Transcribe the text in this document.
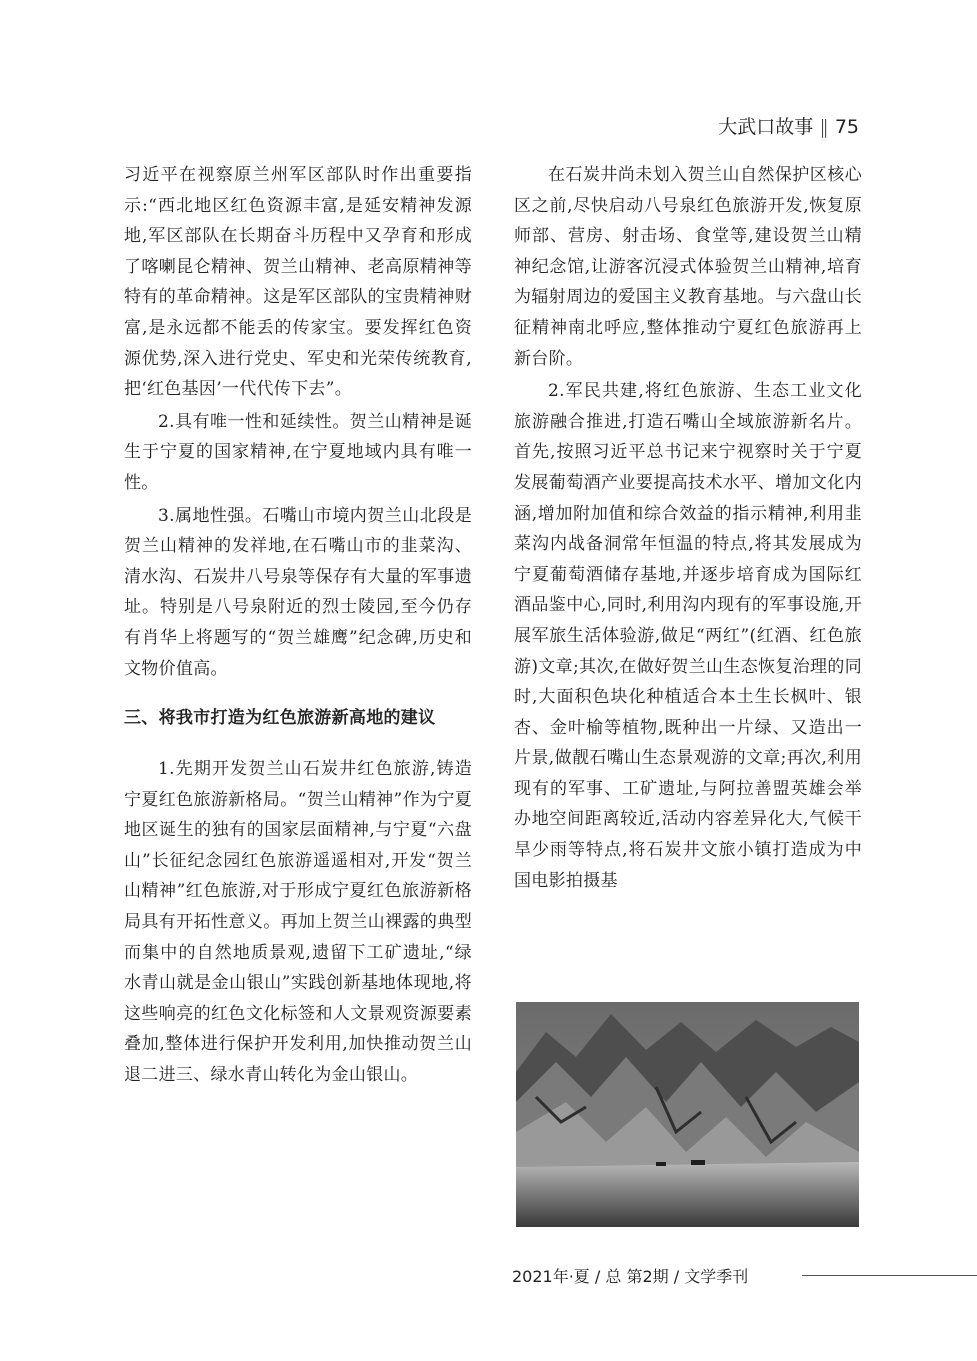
大武口故事 ‖ 75

习近平在视察原兰州军区部队时作出重要指示:“西北地区红色资源丰富,是延安精神发源地,军区部队在长期奋斗历程中又孕育和形成了喀喇昆仑精神、贺兰山精神、老高原精神等特有的革命精神。这是军区部队的宝贵精神财富,是永远都不能丢的传家宝。要发挥红色资源优势,深入进行党史、军史和光荣传统教育,把‘红色基因’一代代传下去”。

2.具有唯一性和延续性。贺兰山精神是诞生于宁夏的国家精神,在宁夏地域内具有唯一性。

3.属地性强。石嘴山市境内贺兰山北段是贺兰山精神的发祥地,在石嘴山市的韭菜沟、清水沟、石炭井八号泉等保存有大量的军事遗址。特别是八号泉附近的烈士陵园,至今仍存有肖华上将题写的“贺兰雄鹰”纪念碑,历史和文物价值高。

三、将我市打造为红色旅游新高地的建议

1.先期开发贺兰山石炭井红色旅游,铸造宁夏红色旅游新格局。“贺兰山精神”作为宁夏地区诞生的独有的国家层面精神,与宁夏“六盘山”长征纪念园红色旅游遥遥相对,开发“贺兰山精神”红色旅游,对于形成宁夏红色旅游新格局具有开拓性意义。再加上贺兰山裸露的典型而集中的自然地质景观,遗留下工矿遗址,“绿水青山就是金山银山”实践创新基地体现地,将这些响亮的红色文化标签和人文景观资源要素叠加,整体进行保护开发利用,加快推动贺兰山退二进三、绿水青山转化为金山银山。

在石炭井尚未划入贺兰山自然保护区核心区之前,尽快启动八号泉红色旅游开发,恢复原师部、营房、射击场、食堂等,建设贺兰山精神纪念馆,让游客沉浸式体验贺兰山精神,培育为辐射周边的爱国主义教育基地。与六盘山长征精神南北呼应,整体推动宁夏红色旅游再上新台阶。

2.军民共建,将红色旅游、生态工业文化旅游融合推进,打造石嘴山全域旅游新名片。首先,按照习近平总书记来宁视察时关于宁夏发展葡萄酒产业要提高技术水平、增加文化内涵,增加附加值和综合效益的指示精神,利用韭菜沟内战备洞常年恒温的特点,将其发展成为宁夏葡萄酒储存基地,并逐步培育成为国际红酒品鉴中心,同时,利用沟内现有的军事设施,开展军旅生活体验游,做足“两红”(红酒、红色旅游)文章;其次,在做好贺兰山生态恢复治理的同时,大面积色块化种植适合本土生长枫叶、银杏、金叶榆等植物,既种出一片绿、又造出一片景,做靓石嘴山生态景观游的文章;再次,利用现有的军事、工矿遗址,与阿拉善盟英雄会举办地空间距离较近,活动内容差异化大,气候干旱少雨等特点,将石炭井文旅小镇打造成为中国电影拍摄基

2021年·夏 / 总 第2期 / 文学季刊
